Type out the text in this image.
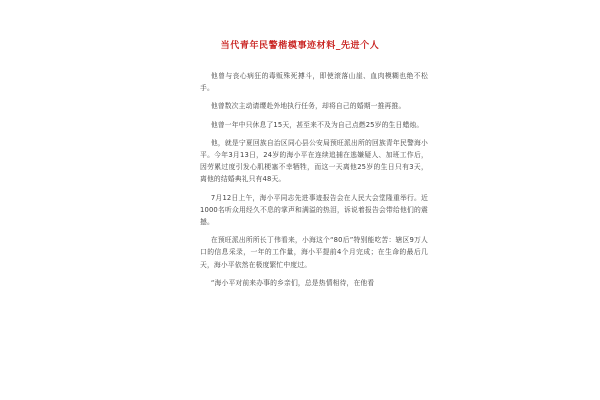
当代青年民警楷模事迹材料_先进个人

他曾与丧心病狂的毒贩殊死搏斗，即使滚落山崖、血肉模糊也绝不松手。

他曾数次主动请缨赴外地执行任务，却将自己的婚期一推再推。

他曾一年中只休息了15天，甚至来不及为自己点燃25岁的生日蜡烛。

他，就是宁夏回族自治区同心县公安局预旺派出所的回族青年民警海小平。今年3月13日，24岁的海小平在连续追捕在逃嫌疑人、加班工作后，因劳累过度引发心肌梗塞不幸牺牲，而这一天离他25岁的生日只有3天，离他的结婚典礼只有48天。

7月12日上午，海小平同志先进事迹报告会在人民大会堂隆重举行。近1000名听众用经久不息的掌声和满溢的热泪，诉说着报告会带给他们的震撼。

在预旺派出所所长丁伟看来，小海这个“80后”特别能吃苦：辖区9万人口的信息采录，一年的工作量，海小平提前4个月完成；在生命的最后几天，海小平依然在极度繁忙中度过。

“海小平对前来办事的乡亲们，总是热情相待，在他看
